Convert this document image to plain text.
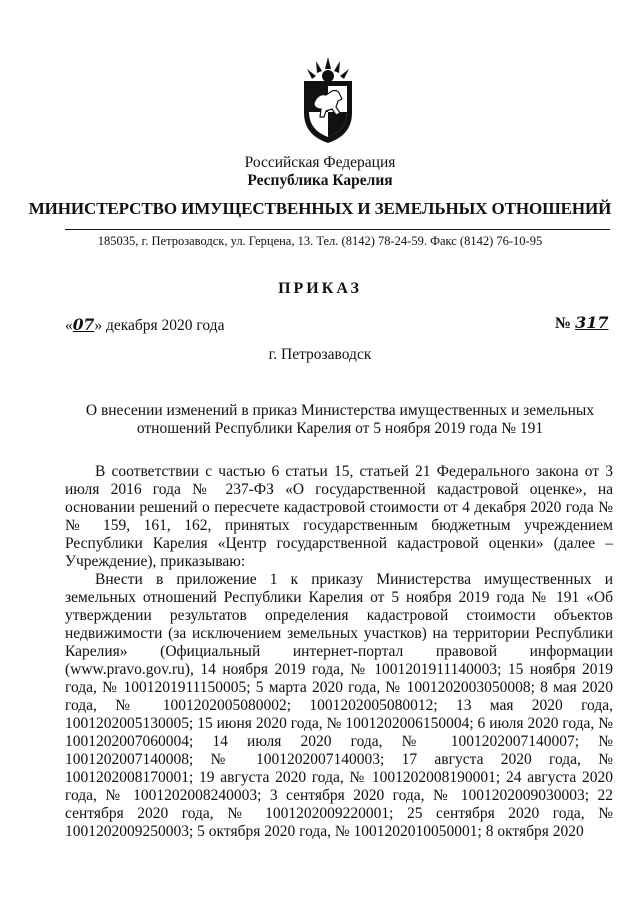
Российская Федерация
Республика Карелия
МИНИСТЕРСТВО ИМУЩЕСТВЕННЫХ И ЗЕМЕЛЬНЫХ ОТНОШЕНИЙ
185035, г. Петрозаводск, ул. Герцена, 13. Тел. (8142) 78-24-59. Факс (8142) 76-10-95
ПРИКАЗ
«07» декабря 2020 года	№ 317
г. Петрозаводск
О внесении изменений в приказ Министерства имущественных и земельных отношений Республики Карелия от 5 ноября 2019 года № 191

В соответствии с частью 6 статьи 15, статьей 21 Федерального закона от 3 июля 2016 года № 237-ФЗ «О государственной кадастровой оценке», на основании решений о пересчете кадастровой стоимости от 4 декабря 2020 года №№ 159, 161, 162, принятых государственным бюджетным учреждением Республики Карелия «Центр государственной кадастровой оценки» (далее – Учреждение), приказываю:

Внести в приложение 1 к приказу Министерства имущественных и земельных отношений Республики Карелия от 5 ноября 2019 года № 191 «Об утверждении результатов определения кадастровой стоимости объектов недвижимости (за исключением земельных участков) на территории Республики Карелия» (Официальный интернет-портал правовой информации (www.pravo.gov.ru), 14 ноября 2019 года, № 1001201911140003; 15 ноября 2019 года, № 1001201911150005; 5 марта 2020 года, № 1001202003050008; 8 мая 2020 года, № 1001202005080002; 1001202005080012; 13 мая 2020 года, 1001202005130005; 15 июня 2020 года, № 1001202006150004; 6 июля 2020 года, № 1001202007060004; 14 июля 2020 года, № 1001202007140007; № 1001202007140008; № 1001202007140003; 17 августа 2020 года, № 1001202008170001; 19 августа 2020 года, № 1001202008190001; 24 августа 2020 года, № 1001202008240003; 3 сентября 2020 года, № 1001202009030003; 22 сентября 2020 года, № 1001202009220001; 25 сентября 2020 года, № 1001202009250003; 5 октября 2020 года, № 1001202010050001; 8 октября 2020
